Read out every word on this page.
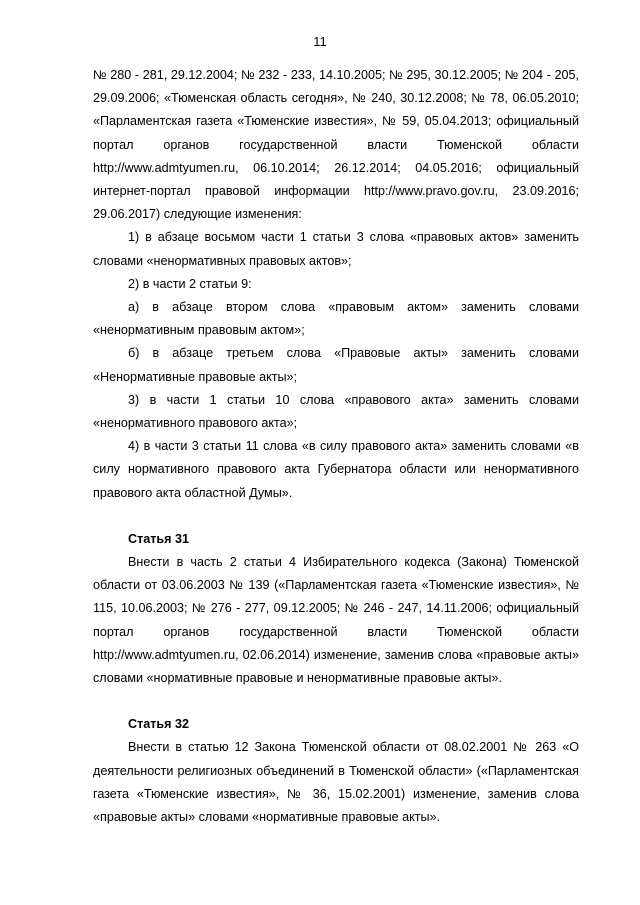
11

№ 280 - 281, 29.12.2004; № 232 - 233, 14.10.2005; № 295, 30.12.2005; № 204 - 205, 29.09.2006; «Тюменская область сегодня», № 240, 30.12.2008; № 78, 06.05.2010; «Парламентская газета «Тюменские известия», № 59, 05.04.2013; официальный портал органов государственной власти Тюменской области http://www.admtyumen.ru, 06.10.2014; 26.12.2014; 04.05.2016; официальный интернет-портал правовой информации http://www.pravo.gov.ru, 23.09.2016; 29.06.2017) следующие изменения:

1) в абзаце восьмом части 1 статьи 3 слова «правовых актов» заменить словами «ненормативных правовых актов»;

2) в части 2 статьи 9:

а) в абзаце втором слова «правовым актом» заменить словами «ненормативным правовым актом»;

б) в абзаце третьем слова «Правовые акты» заменить словами «Ненормативные правовые акты»;

3) в части 1 статьи 10 слова «правового акта» заменить словами «ненормативного правового акта»;

4) в части 3 статьи 11 слова «в силу правового акта» заменить словами «в силу нормативного правового акта Губернатора области или ненормативного правового акта областной Думы».

Статья 31

Внести в часть 2 статьи 4 Избирательного кодекса (Закона) Тюменской области от 03.06.2003 № 139 («Парламентская газета «Тюменские известия», № 115, 10.06.2003; № 276 - 277, 09.12.2005; № 246 - 247, 14.11.2006; официальный портал органов государственной власти Тюменской области http://www.admtyumen.ru, 02.06.2014) изменение, заменив слова «правовые акты» словами «нормативные правовые и ненормативные правовые акты».

Статья 32

Внести в статью 12 Закона Тюменской области от 08.02.2001 № 263 «О деятельности религиозных объединений в Тюменской области» («Парламентская газета «Тюменские известия», № 36, 15.02.2001) изменение, заменив слова «правовые акты» словами «нормативные правовые акты».
